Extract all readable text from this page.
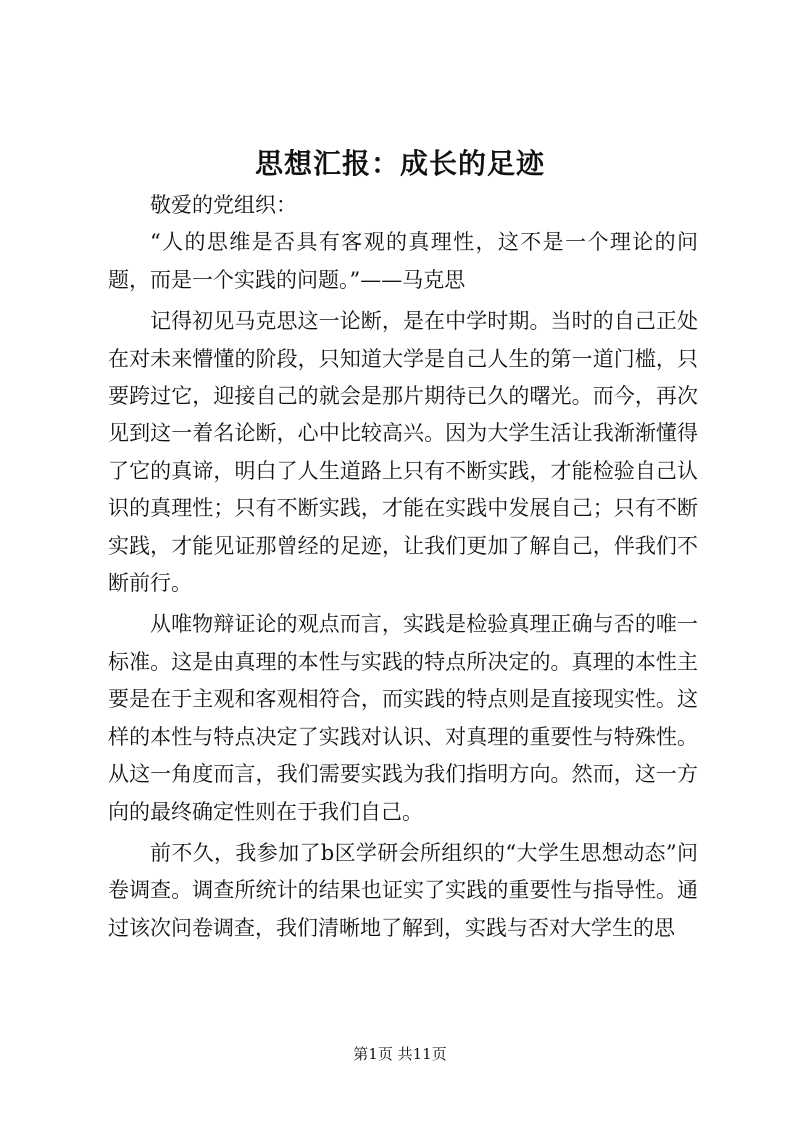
思想汇报：成长的足迹

敬爱的党组织：

“人的思维是否具有客观的真理性，这不是一个理论的问题，而是一个实践的问题。”——马克思

记得初见马克思这一论断，是在中学时期。当时的自己正处在对未来懵懂的阶段，只知道大学是自己人生的第一道门槛，只要跨过它，迎接自己的就会是那片期待已久的曙光。而今，再次见到这一着名论断，心中比较高兴。因为大学生活让我渐渐懂得了它的真谛，明白了人生道路上只有不断实践，才能检验自己认识的真理性；只有不断实践，才能在实践中发展自己；只有不断实践，才能见证那曾经的足迹，让我们更加了解自己，伴我们不断前行。

从唯物辩证论的观点而言，实践是检验真理正确与否的唯一标准。这是由真理的本性与实践的特点所决定的。真理的本性主要是在于主观和客观相符合，而实践的特点则是直接现实性。这样的本性与特点决定了实践对认识、对真理的重要性与特殊性。从这一角度而言，我们需要实践为我们指明方向。然而，这一方向的最终确定性则在于我们自己。

前不久，我参加了b区学研会所组织的“大学生思想动态”问卷调查。调查所统计的结果也证实了实践的重要性与指导性。通过该次问卷调查，我们清晰地了解到，实践与否对大学生的思

第1页 共11页
